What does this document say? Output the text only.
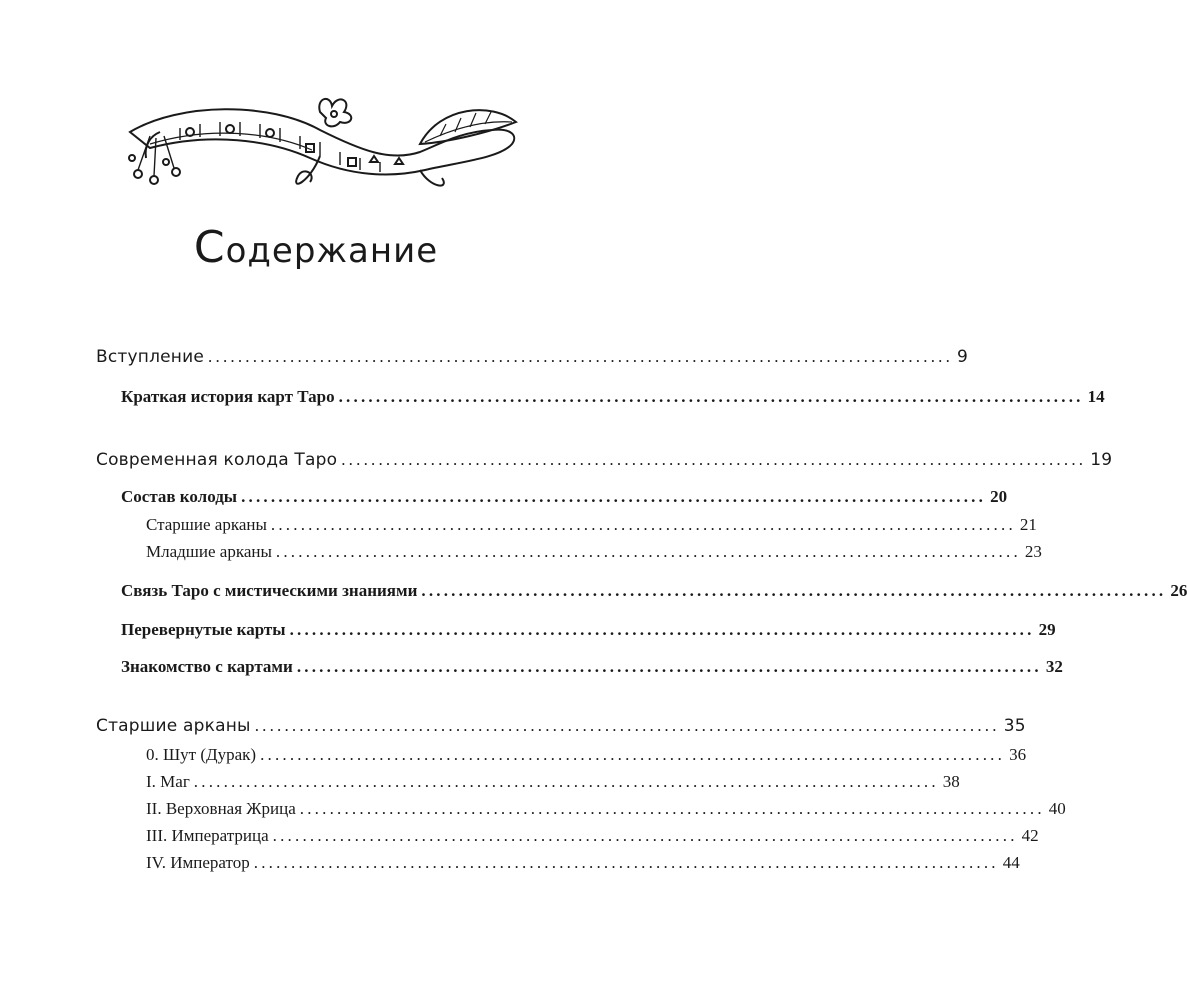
Содержание
Вступление .................................................................................................... 9
Краткая история карт Таро .................................................................................................... 14
Современная колода Таро .................................................................................................... 19
Состав колоды .................................................................................................... 20
Старшие арканы .................................................................................................... 21
Младшие арканы .................................................................................................... 23
Связь Таро с мистическими знаниями .................................................................................................... 26
Перевернутые карты .................................................................................................... 29
Знакомство с картами .................................................................................................... 32
Старшие арканы .................................................................................................... 35
0. Шут (Дурак) .................................................................................................... 36
I. Маг .................................................................................................... 38
II. Верховная Жрица .................................................................................................... 40
III. Императрица .................................................................................................... 42
IV. Император .................................................................................................... 44
